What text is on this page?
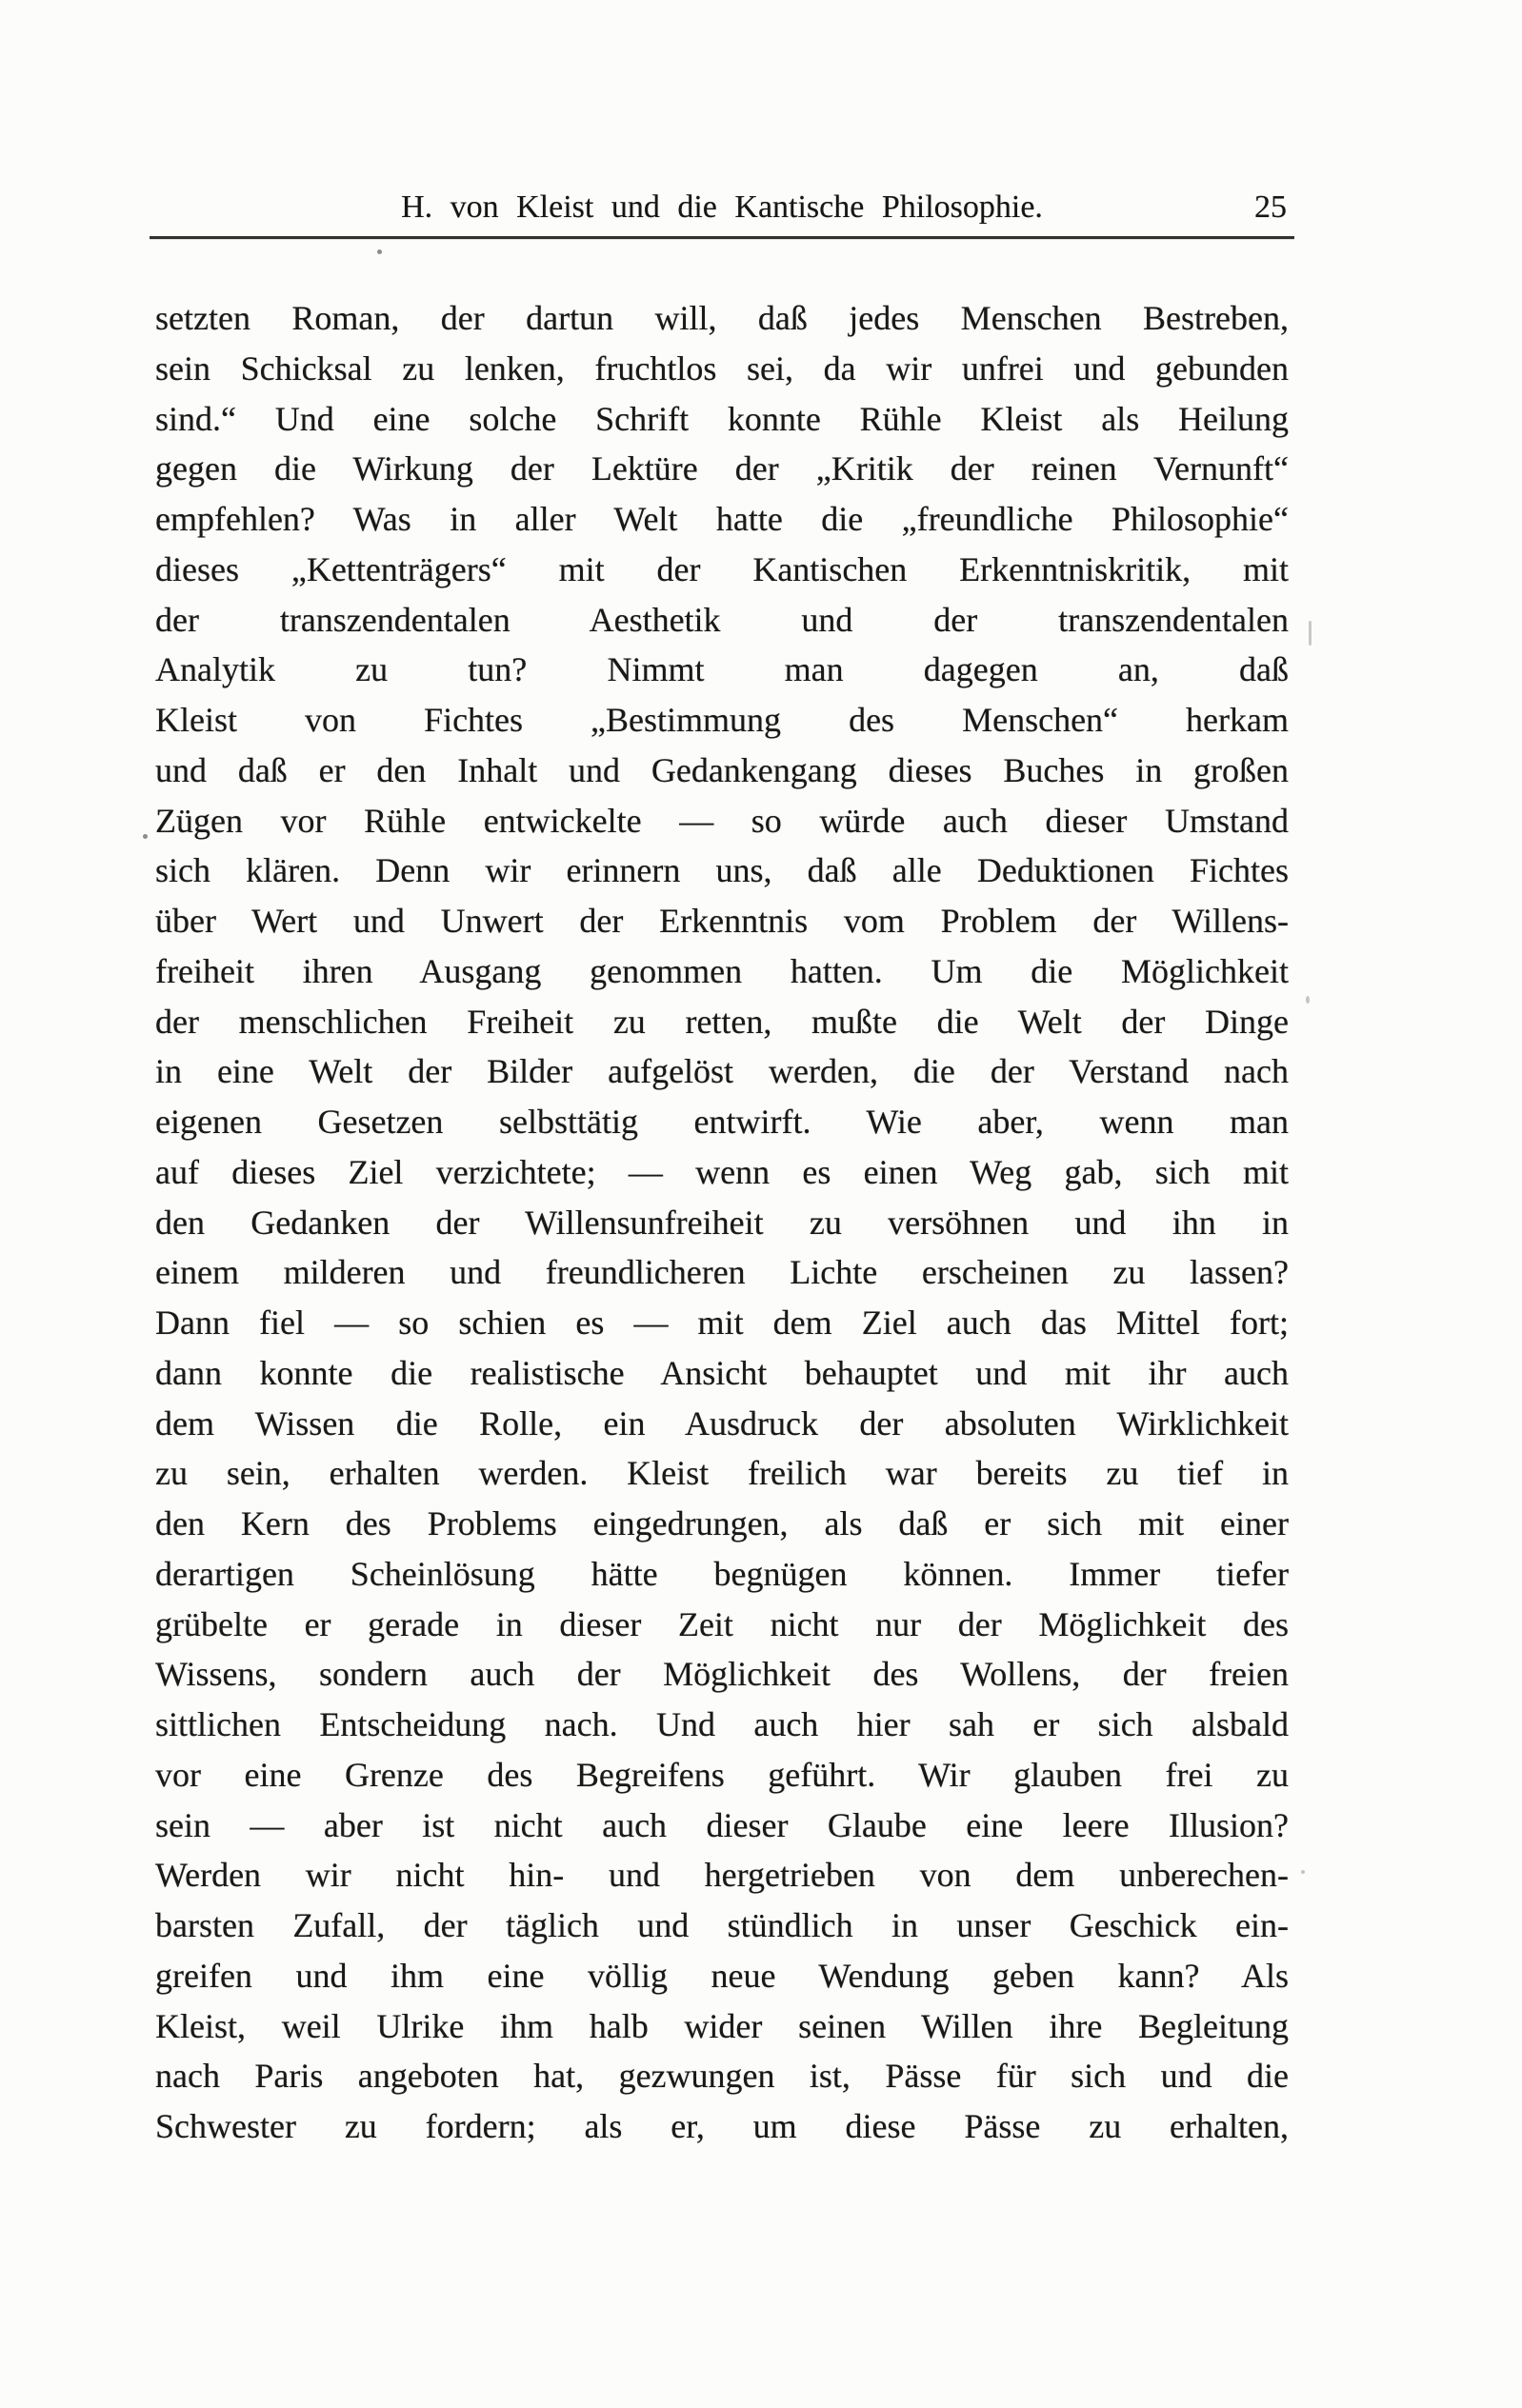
H. von Kleist und die Kantische Philosophie.	25

setzten Roman, der dartun will, daß jedes Menschen Bestreben,

sein Schicksal zu lenken, fruchtlos sei, da wir unfrei und gebunden

sind.“ Und eine solche Schrift konnte Rühle Kleist als Heilung

gegen die Wirkung der Lektüre der „Kritik der reinen Vernunft“

empfehlen? Was in aller Welt hatte die „freundliche Philosophie“

dieses „Kettenträgers“ mit der Kantischen Erkenntniskritik, mit

der transzendentalen Aesthetik und der transzendentalen

Analytik zu tun? Nimmt man dagegen an, daß

Kleist von Fichtes „Bestimmung des Menschen“ herkam

und daß er den Inhalt und Gedankengang dieses Buches in großen

Zügen vor Rühle entwickelte — so würde auch dieser Umstand

sich klären. Denn wir erinnern uns, daß alle Deduktionen Fichtes

über Wert und Unwert der Erkenntnis vom Problem der Willens-

freiheit ihren Ausgang genommen hatten. Um die Möglichkeit

der menschlichen Freiheit zu retten, mußte die Welt der Dinge

in eine Welt der Bilder aufgelöst werden, die der Verstand nach

eigenen Gesetzen selbsttätig entwirft. Wie aber, wenn man

auf dieses Ziel verzichtete; — wenn es einen Weg gab, sich mit

den Gedanken der Willensunfreiheit zu versöhnen und ihn in

einem milderen und freundlicheren Lichte erscheinen zu lassen?

Dann fiel — so schien es — mit dem Ziel auch das Mittel fort;

dann konnte die realistische Ansicht behauptet und mit ihr auch

dem Wissen die Rolle, ein Ausdruck der absoluten Wirklichkeit

zu sein, erhalten werden. Kleist freilich war bereits zu tief in

den Kern des Problems eingedrungen, als daß er sich mit einer

derartigen Scheinlösung hätte begnügen können. Immer tiefer

grübelte er gerade in dieser Zeit nicht nur der Möglichkeit des

Wissens, sondern auch der Möglichkeit des Wollens, der freien

sittlichen Entscheidung nach. Und auch hier sah er sich alsbald

vor eine Grenze des Begreifens geführt. Wir glauben frei zu

sein — aber ist nicht auch dieser Glaube eine leere Illusion?

Werden wir nicht hin- und hergetrieben von dem unberechen-

barsten Zufall, der täglich und stündlich in unser Geschick ein-

greifen und ihm eine völlig neue Wendung geben kann? Als

Kleist, weil Ulrike ihm halb wider seinen Willen ihre Begleitung

nach Paris angeboten hat, gezwungen ist, Pässe für sich und die

Schwester zu fordern; als er, um diese Pässe zu erhalten,
